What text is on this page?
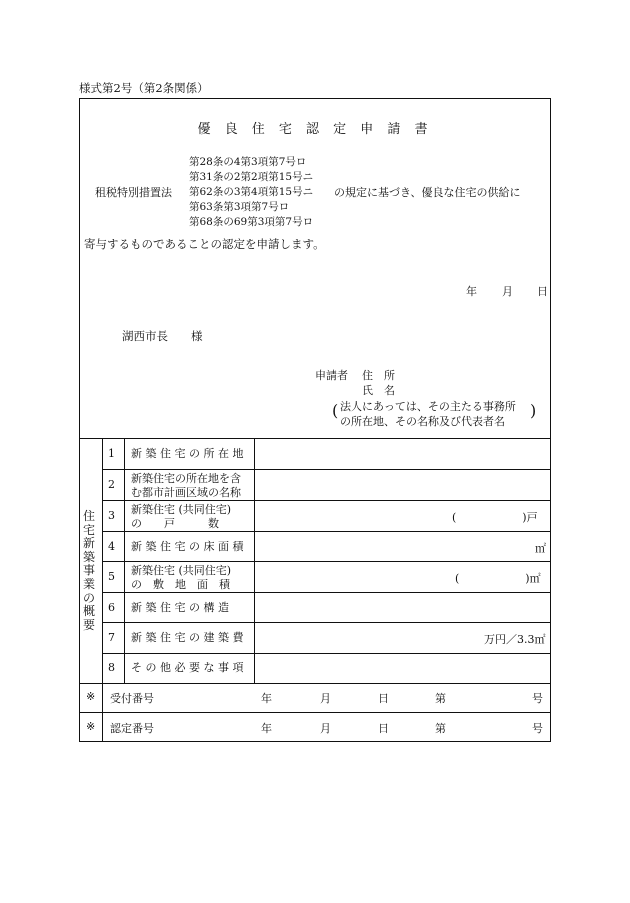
様式第2号（第2条関係）
優 良 住 宅 認 定 申 請 書
租税特別措置法
第28条の4第3項第7号ロ
第31条の2第2項第15号ニ
第62条の3第4項第15号ニ
第63条第3項第7号ロ
第68条の69第3項第7号ロ
の規定に基づき、優良な住宅の供給に
寄与するものであることの認定を申請します。
年 月 日
湖西市長　　様
申請者 住　所
氏　名
( 法人にあっては、その主たる事務所
の所在地、その名称及び代表者名
)
住宅新築事業の概要
1 新 築 住 宅 の 所 在 地
2 新築住宅の所在地を含
む都市計画区域の名称
3 新築住宅 (共同住宅)
の　　戸　　　数	(　　　　　　)戸
4 新 築 住 宅 の 床 面 積	㎡
5 新築住宅 (共同住宅)
の　敷　地　面　積	(　　　　　　)㎡
6 新 築 住 宅 の 構 造
7 新 築 住 宅 の 建 築 費	万円／3.3㎡
8 そ の 他 必 要 な 事 項
※ 受付番号	年	月	日	第	号
※ 認定番号	年	月	日	第	号
